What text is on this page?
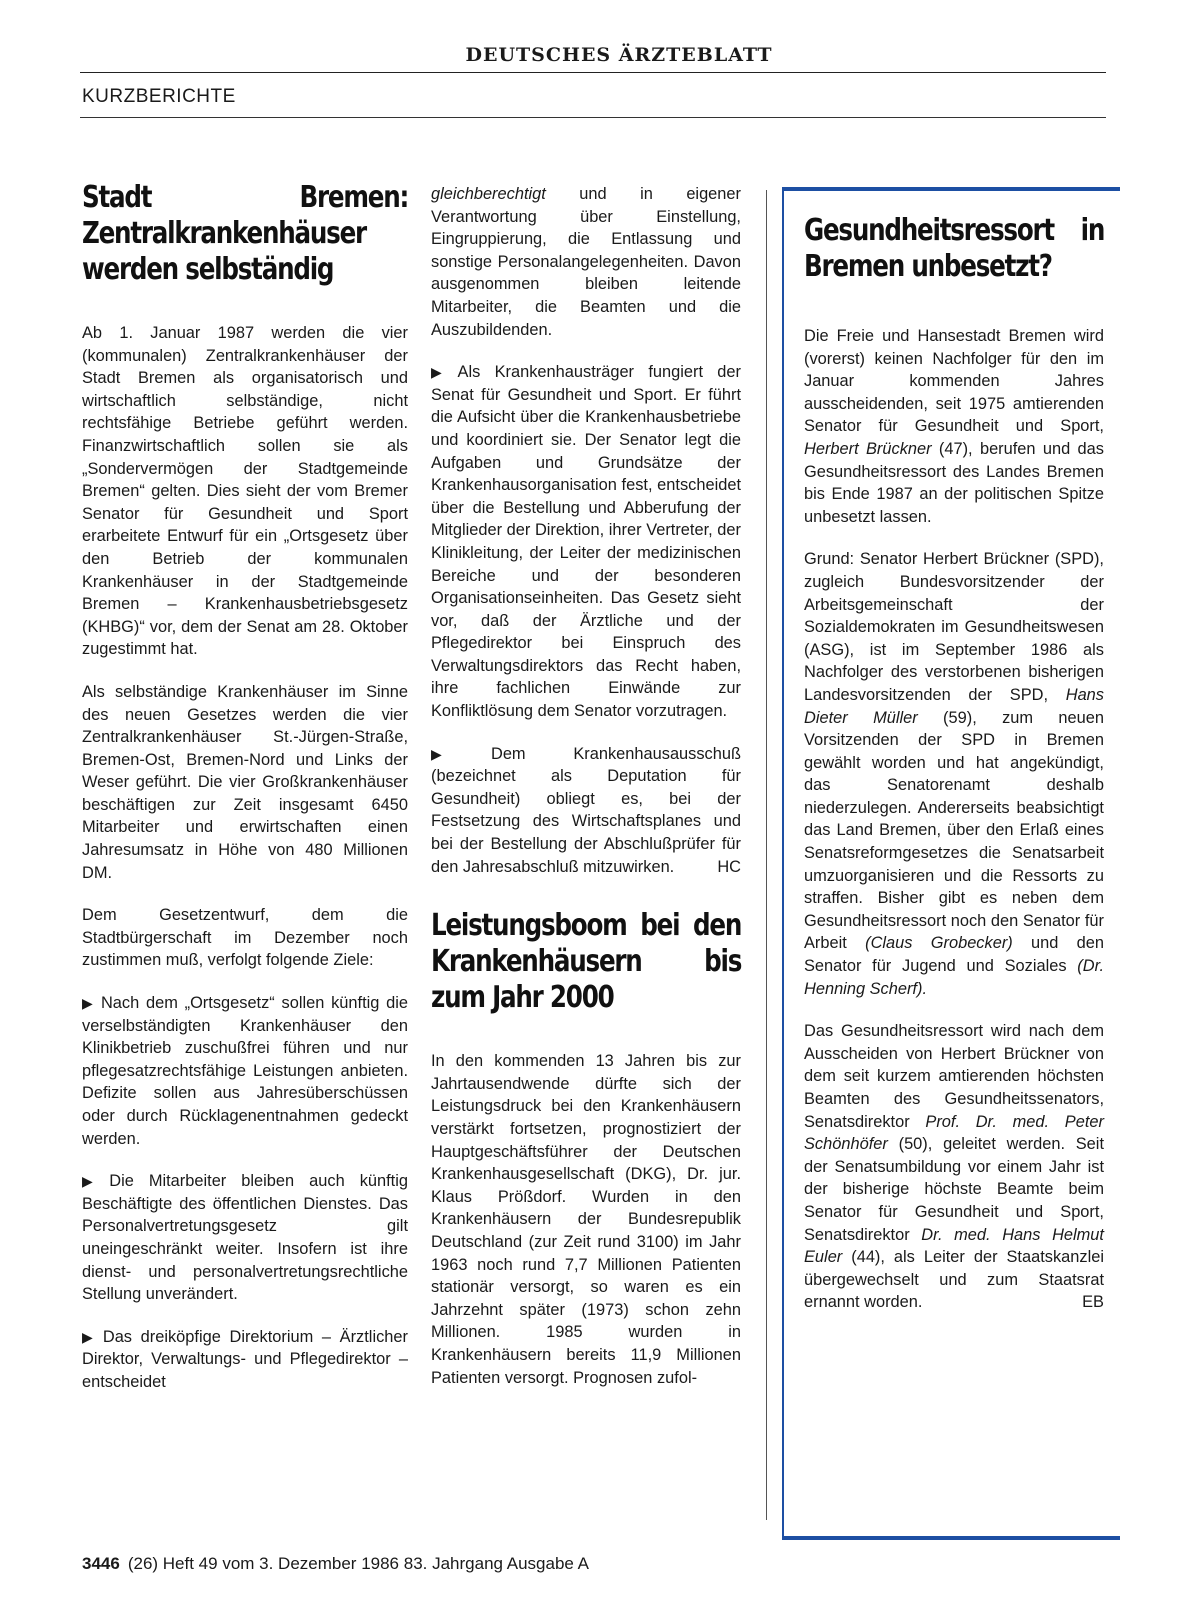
DEUTSCHES ÄRZTEBLATT
KURZBERICHTE
Stadt Bremen: Zentralkrankenhäuser werden selbständig

Ab 1. Januar 1987 werden die vier (kommunalen) Zentralkrankenhäuser der Stadt Bremen als organisatorisch und wirtschaftlich selbständige, nicht rechtsfähige Betriebe geführt werden. Finanzwirtschaftlich sollen sie als „Sondervermögen der Stadtgemeinde Bremen“ gelten. Dies sieht der vom Bremer Senator für Gesundheit und Sport erarbeitete Entwurf für ein „Ortsgesetz über den Betrieb der kommunalen Krankenhäuser in der Stadtgemeinde Bremen – Krankenhausbetriebsgesetz (KHBG)“ vor, dem der Senat am 28. Oktober zugestimmt hat.

Als selbständige Krankenhäuser im Sinne des neuen Gesetzes werden die vier Zentralkrankenhäuser St.-Jürgen-Straße, Bremen-Ost, Bremen-Nord und Links der Weser geführt. Die vier Großkrankenhäuser beschäftigen zur Zeit insgesamt 6450 Mitarbeiter und erwirtschaften einen Jahresumsatz in Höhe von 480 Millionen DM.

Dem Gesetzentwurf, dem die Stadtbürgerschaft im Dezember noch zustimmen muß, verfolgt folgende Ziele:

▶ Nach dem „Ortsgesetz“ sollen künftig die verselbständigten Krankenhäuser den Klinikbetrieb zuschußfrei führen und nur pflegesatzrechtsfähige Leistungen anbieten. Defizite sollen aus Jahresüberschüssen oder durch Rücklagenentnahmen gedeckt werden.

▶ Die Mitarbeiter bleiben auch künftig Beschäftigte des öffentlichen Dienstes. Das Personalvertretungsgesetz gilt uneingeschränkt weiter. Insofern ist ihre dienst- und personalvertretungsrechtliche Stellung unverändert.

▶ Das dreiköpfige Direktorium – Ärztlicher Direktor, Verwaltungs- und Pflegedirektor – entscheidet

gleichberechtigt und in eigener Verantwortung über Einstellung, Eingruppierung, die Entlassung und sonstige Personalangelegenheiten. Davon ausgenommen bleiben leitende Mitarbeiter, die Beamten und die Auszubildenden.

▶ Als Krankenhausträger fungiert der Senat für Gesundheit und Sport. Er führt die Aufsicht über die Krankenhausbetriebe und koordiniert sie. Der Senator legt die Aufgaben und Grundsätze der Krankenhausorganisation fest, entscheidet über die Bestellung und Abberufung der Mitglieder der Direktion, ihrer Vertreter, der Klinikleitung, der Leiter der medizinischen Bereiche und der besonderen Organisationseinheiten. Das Gesetz sieht vor, daß der Ärztliche und der Pflegedirektor bei Einspruch des Verwaltungsdirektors das Recht haben, ihre fachlichen Einwände zur Konfliktlösung dem Senator vorzutragen.

▶ Dem Krankenhausausschuß (bezeichnet als Deputation für Gesundheit) obliegt es, bei der Festsetzung des Wirtschaftsplanes und bei der Bestellung der Abschlußprüfer für den Jahresabschluß mitzuwirken.	HC

Leistungsboom bei den Krankenhäusern bis zum Jahr 2000

In den kommenden 13 Jahren bis zur Jahrtausendwende dürfte sich der Leistungsdruck bei den Krankenhäusern verstärkt fortsetzen, prognostiziert der Hauptgeschäftsführer der Deutschen Krankenhausgesellschaft (DKG), Dr. jur. Klaus Prößdorf. Wurden in den Krankenhäusern der Bundesrepublik Deutschland (zur Zeit rund 3100) im Jahr 1963 noch rund 7,7 Millionen Patienten stationär versorgt, so waren es ein Jahrzehnt später (1973) schon zehn Millionen. 1985 wurden in Krankenhäusern bereits 11,9 Millionen Patienten versorgt. Prognosen zufol-

Gesundheitsressort in Bremen unbesetzt?

Die Freie und Hansestadt Bremen wird (vorerst) keinen Nachfolger für den im Januar kommenden Jahres ausscheidenden, seit 1975 amtierenden Senator für Gesundheit und Sport, Herbert Brückner (47), berufen und das Gesundheitsressort des Landes Bremen bis Ende 1987 an der politischen Spitze unbesetzt lassen.

Grund: Senator Herbert Brückner (SPD), zugleich Bundesvorsitzender der Arbeitsgemeinschaft der Sozialdemokraten im Gesundheitswesen (ASG), ist im September 1986 als Nachfolger des verstorbenen bisherigen Landesvorsitzenden der SPD, Hans Dieter Müller (59), zum neuen Vorsitzenden der SPD in Bremen gewählt worden und hat angekündigt, das Senatorenamt deshalb niederzulegen. Andererseits beabsichtigt das Land Bremen, über den Erlaß eines Senatsreformgesetzes die Senatsarbeit umzuorganisieren und die Ressorts zu straffen. Bisher gibt es neben dem Gesundheitsressort noch den Senator für Arbeit (Claus Grobecker) und den Senator für Jugend und Soziales (Dr. Henning Scherf).

Das Gesundheitsressort wird nach dem Ausscheiden von Herbert Brückner von dem seit kurzem amtierenden höchsten Beamten des Gesundheitssenators, Senatsdirektor Prof. Dr. med. Peter Schönhöfer (50), geleitet werden. Seit der Senatsumbildung vor einem Jahr ist der bisherige höchste Beamte beim Senator für Gesundheit und Sport, Senatsdirektor Dr. med. Hans Helmut Euler (44), als Leiter der Staatskanzlei übergewechselt und zum Staatsrat ernannt worden.	EB

3446 (26) Heft 49 vom 3. Dezember 1986 83. Jahrgang Ausgabe A
